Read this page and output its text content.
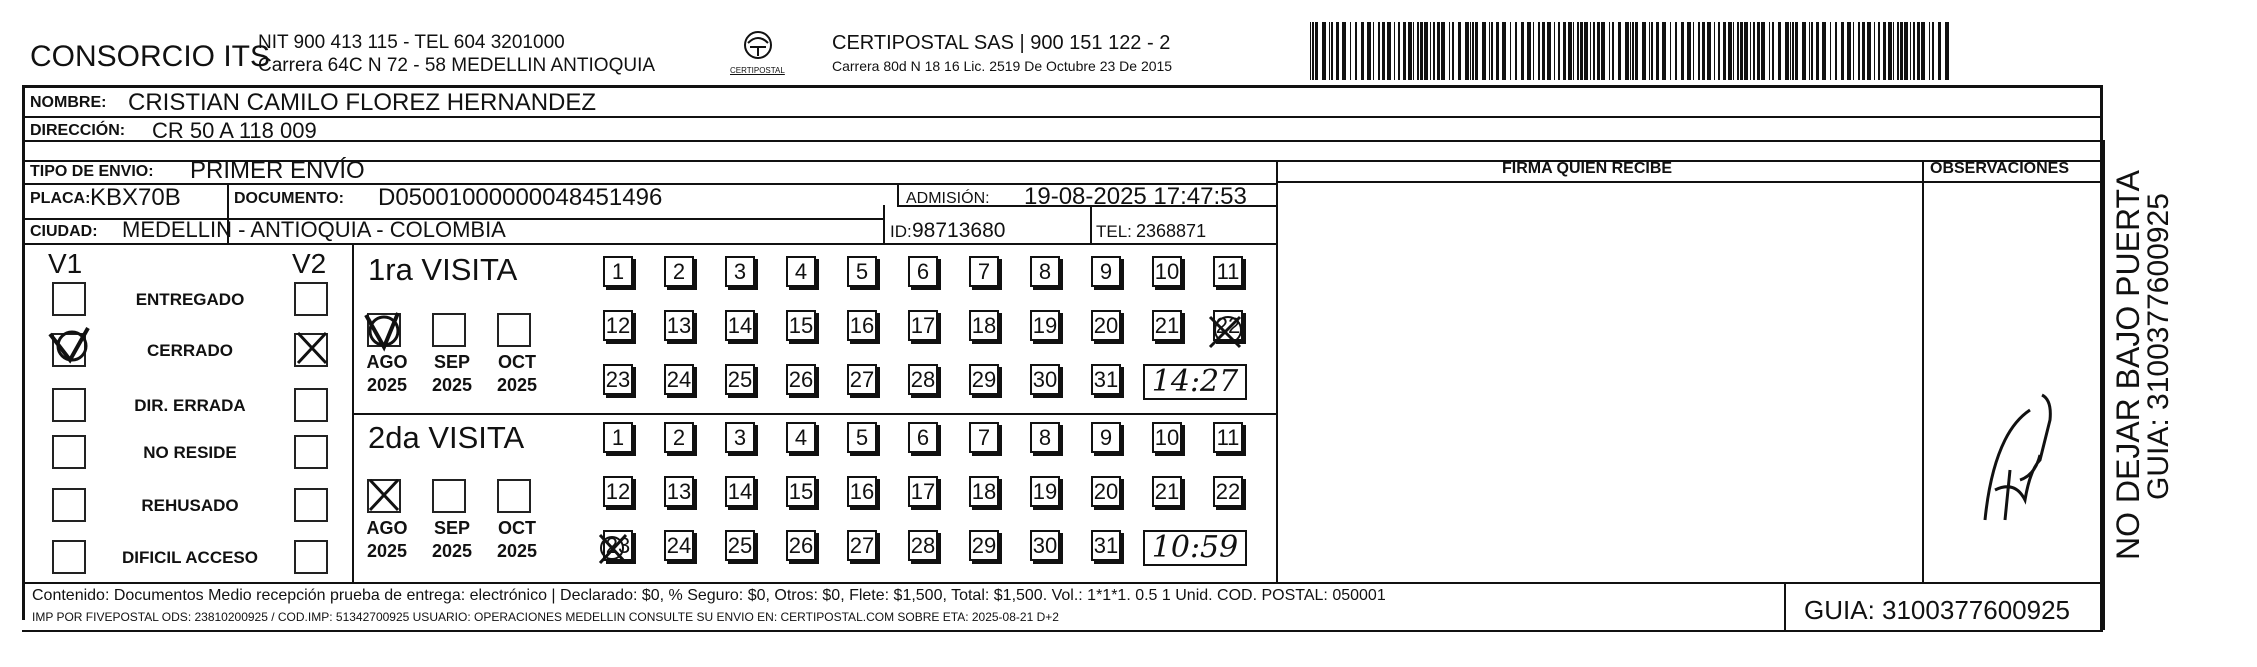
CONSORCIO ITS
NIT 900 413 115 - TEL 604 3201000
Carrera 64C N 72 - 58 MEDELLIN ANTIOQUIA	CERTIPOSTAL
CERTIPOSTAL SAS | 900 151 122 - 2
Carrera 80d N 18 16 Lic. 2519 De Octubre 23 De 2015
NOMBRE: CRISTIAN CAMILO FLOREZ HERNANDEZ
DIRECCIÓN: CR 50 A 118 009
TIPO DE ENVIO: PRIMER ENVÍO
PLACA: KBX70B	DOCUMENTO: D05001000000048451496	ADMISIÓN: 19-08-2025 17:47:53
CIUDAD: MEDELLIN - ANTIOQUIA - COLOMBIA	ID: 98713680	TEL: 2368871
V1	V2
ENTREGADO
CERRADO
DIR. ERRADA
NO RESIDE
REHUSADO
DIFICIL ACCESO
1ra VISITA
2da VISITA
AGO
2025
SEP
2025
OCT
2025
1	2	3	4	5	6	7	8	9	10 11
12 13 14 15 16 17 18 19 20 21 22
23 24 25 26 27 28 29 30 31 14:27
AGO
2025
SEP
2025
OCT
2025
1	2	3	4	5	6	7	8	9	10 11
12 13 14 15 16 17 18 19 20 21 22
23 24 25 26 27 28 29 30 31 10:59
FIRMA QUIEN RECIBE	OBSERVACIONES
NO DEJAR BAJO PUERTA
GUIA: 3100377600925
Contenido: Documentos Medio recepción prueba de entrega: electrónico | Declarado: $0, % Seguro: $0, Otros: $0, Flete: $1,500, Total: $1,500. Vol.: 1*1*1. 0.5 1 Unid. COD. POSTAL: 050001
IMP POR FIVEPOSTAL ODS: 23810200925 / COD.IMP: 51342700925 USUARIO: OPERACIONES MEDELLIN CONSULTE SU ENVIO EN: CERTIPOSTAL.COM SOBRE ETA: 2025-08-21 D+2	GUIA: 3100377600925
